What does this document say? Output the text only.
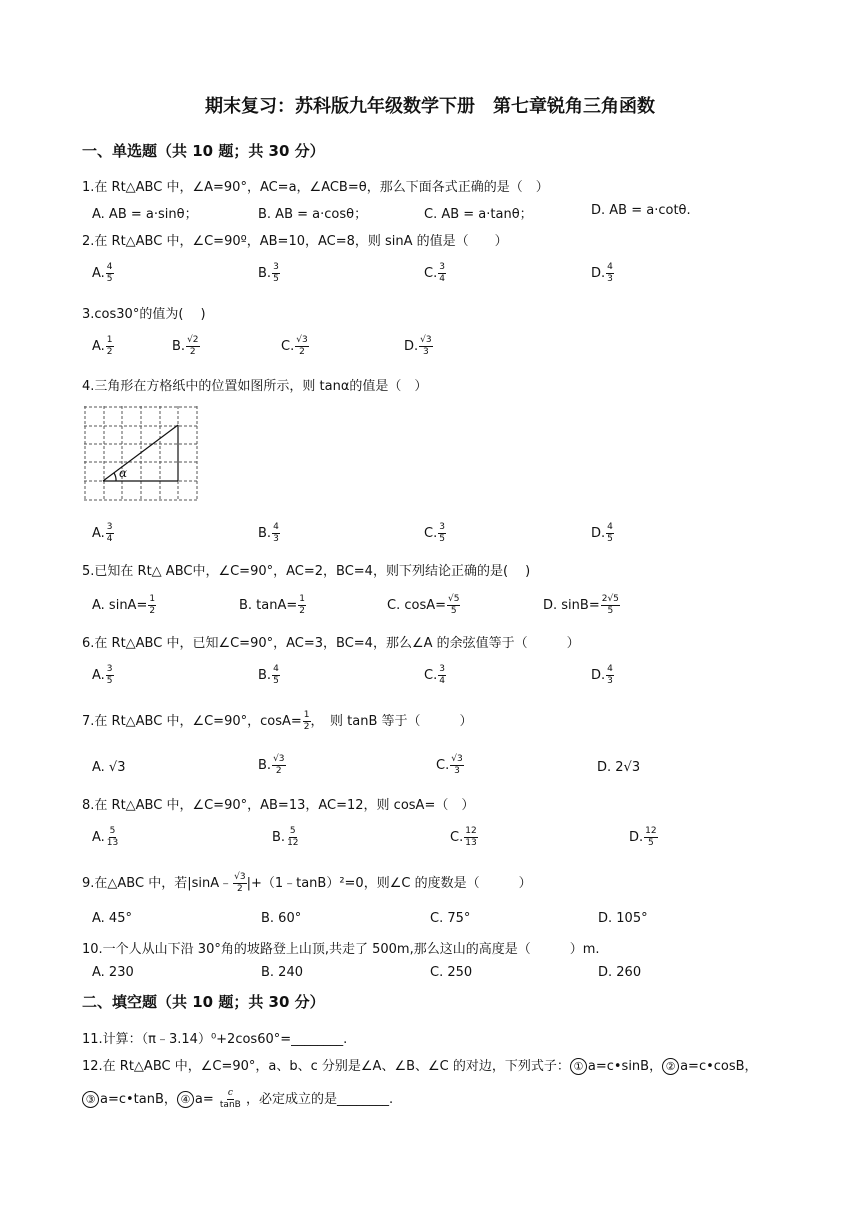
期末复习：苏科版九年级数学下册　第七章锐角三角函数
一、单选题（共 10 题；共 30 分）
1.在 Rt△ABC 中，∠A=90°，AC=a，∠ACB=θ，那么下面各式正确的是（　）
A. AB = a·sinθ；	B. AB = a·cosθ；	C. AB = a·tanθ；	D. AB = a·cotθ.
2.在 Rt△ABC 中，∠C=90º，AB=10，AC=8，则 sinA 的值是（　　）
A. $\frac{4}{5}$	B. $\frac{3}{5}$	C. $\frac{3}{4}$	D. $\frac{4}{3}$
3.cos30°的值为(　 )
A. $\frac{1}{2}$	B. $\frac{√2}{2}$	C. $\frac{√3}{2}$	D. $\frac{√3}{3}$
4.三角形在方格纸中的位置如图所示，则 tanα的值是（　）
α
A. $\frac{3}{4}$	B. $\frac{4}{3}$	C. $\frac{3}{5}$	D. $\frac{4}{5}$
5.已知在 Rt△ ABC中，∠C=90°，AC=2，BC=4，则下列结论正确的是(　 )
A. $\sin A= \frac{1}{2}$	B. $\tan A= \frac{1}{2}$	C. $\cos A= \frac{√5}{5}$	D. $\sin B= \frac{2√5}{5}$
6.在 Rt△ABC 中，已知∠C=90°，AC=3，BC=4，那么∠A 的余弦值等于（　　　）
A. $\frac{3}{5}$	B. $\frac{4}{5}$	C. $\frac{3}{4}$	D. $\frac{4}{3}$
7.在 Rt△ABC 中，∠C=90°，$\cos A= \frac{1}{2}$ ，　则 tanB 等于（　　　）
A. √3	B. $\frac{√3}{2}$	C. $\frac{√3}{3}$	D. 2√3
8.在 Rt△ABC 中，∠C=90°，AB=13，AC=12，则 cosA=（　）
A. $\frac{5}{13}$	B. $\frac{5}{12}$	C. $\frac{12}{13}$	D. $\frac{12}{5}$
9.在△ABC 中，若|sinA﹣ $\frac{√3}{2}$ |+（1﹣tanB）²=0，则∠C 的度数是（　　　）
A. 45°	B. 60°	C. 75°	D. 105°
10.一个人从山下沿 30°角的坡路登上山顶,共走了 500m,那么这山的高度是（　　　）m.
A. 230	B. 240	C. 250	D. 260
二、填空题（共 10 题；共 30 分）
11.计算：（π﹣3.14）⁰+2cos60°=________.
12.在 Rt△ABC 中，∠C=90°，a、b、c 分别是∠A、∠B、∠C 的对边，下列式子： ① a=c•sinB， ② a=c•cosB，
③ a=c•tanB， ④ $a= \frac{c}{\tan B}$ ，必定成立的是________.
